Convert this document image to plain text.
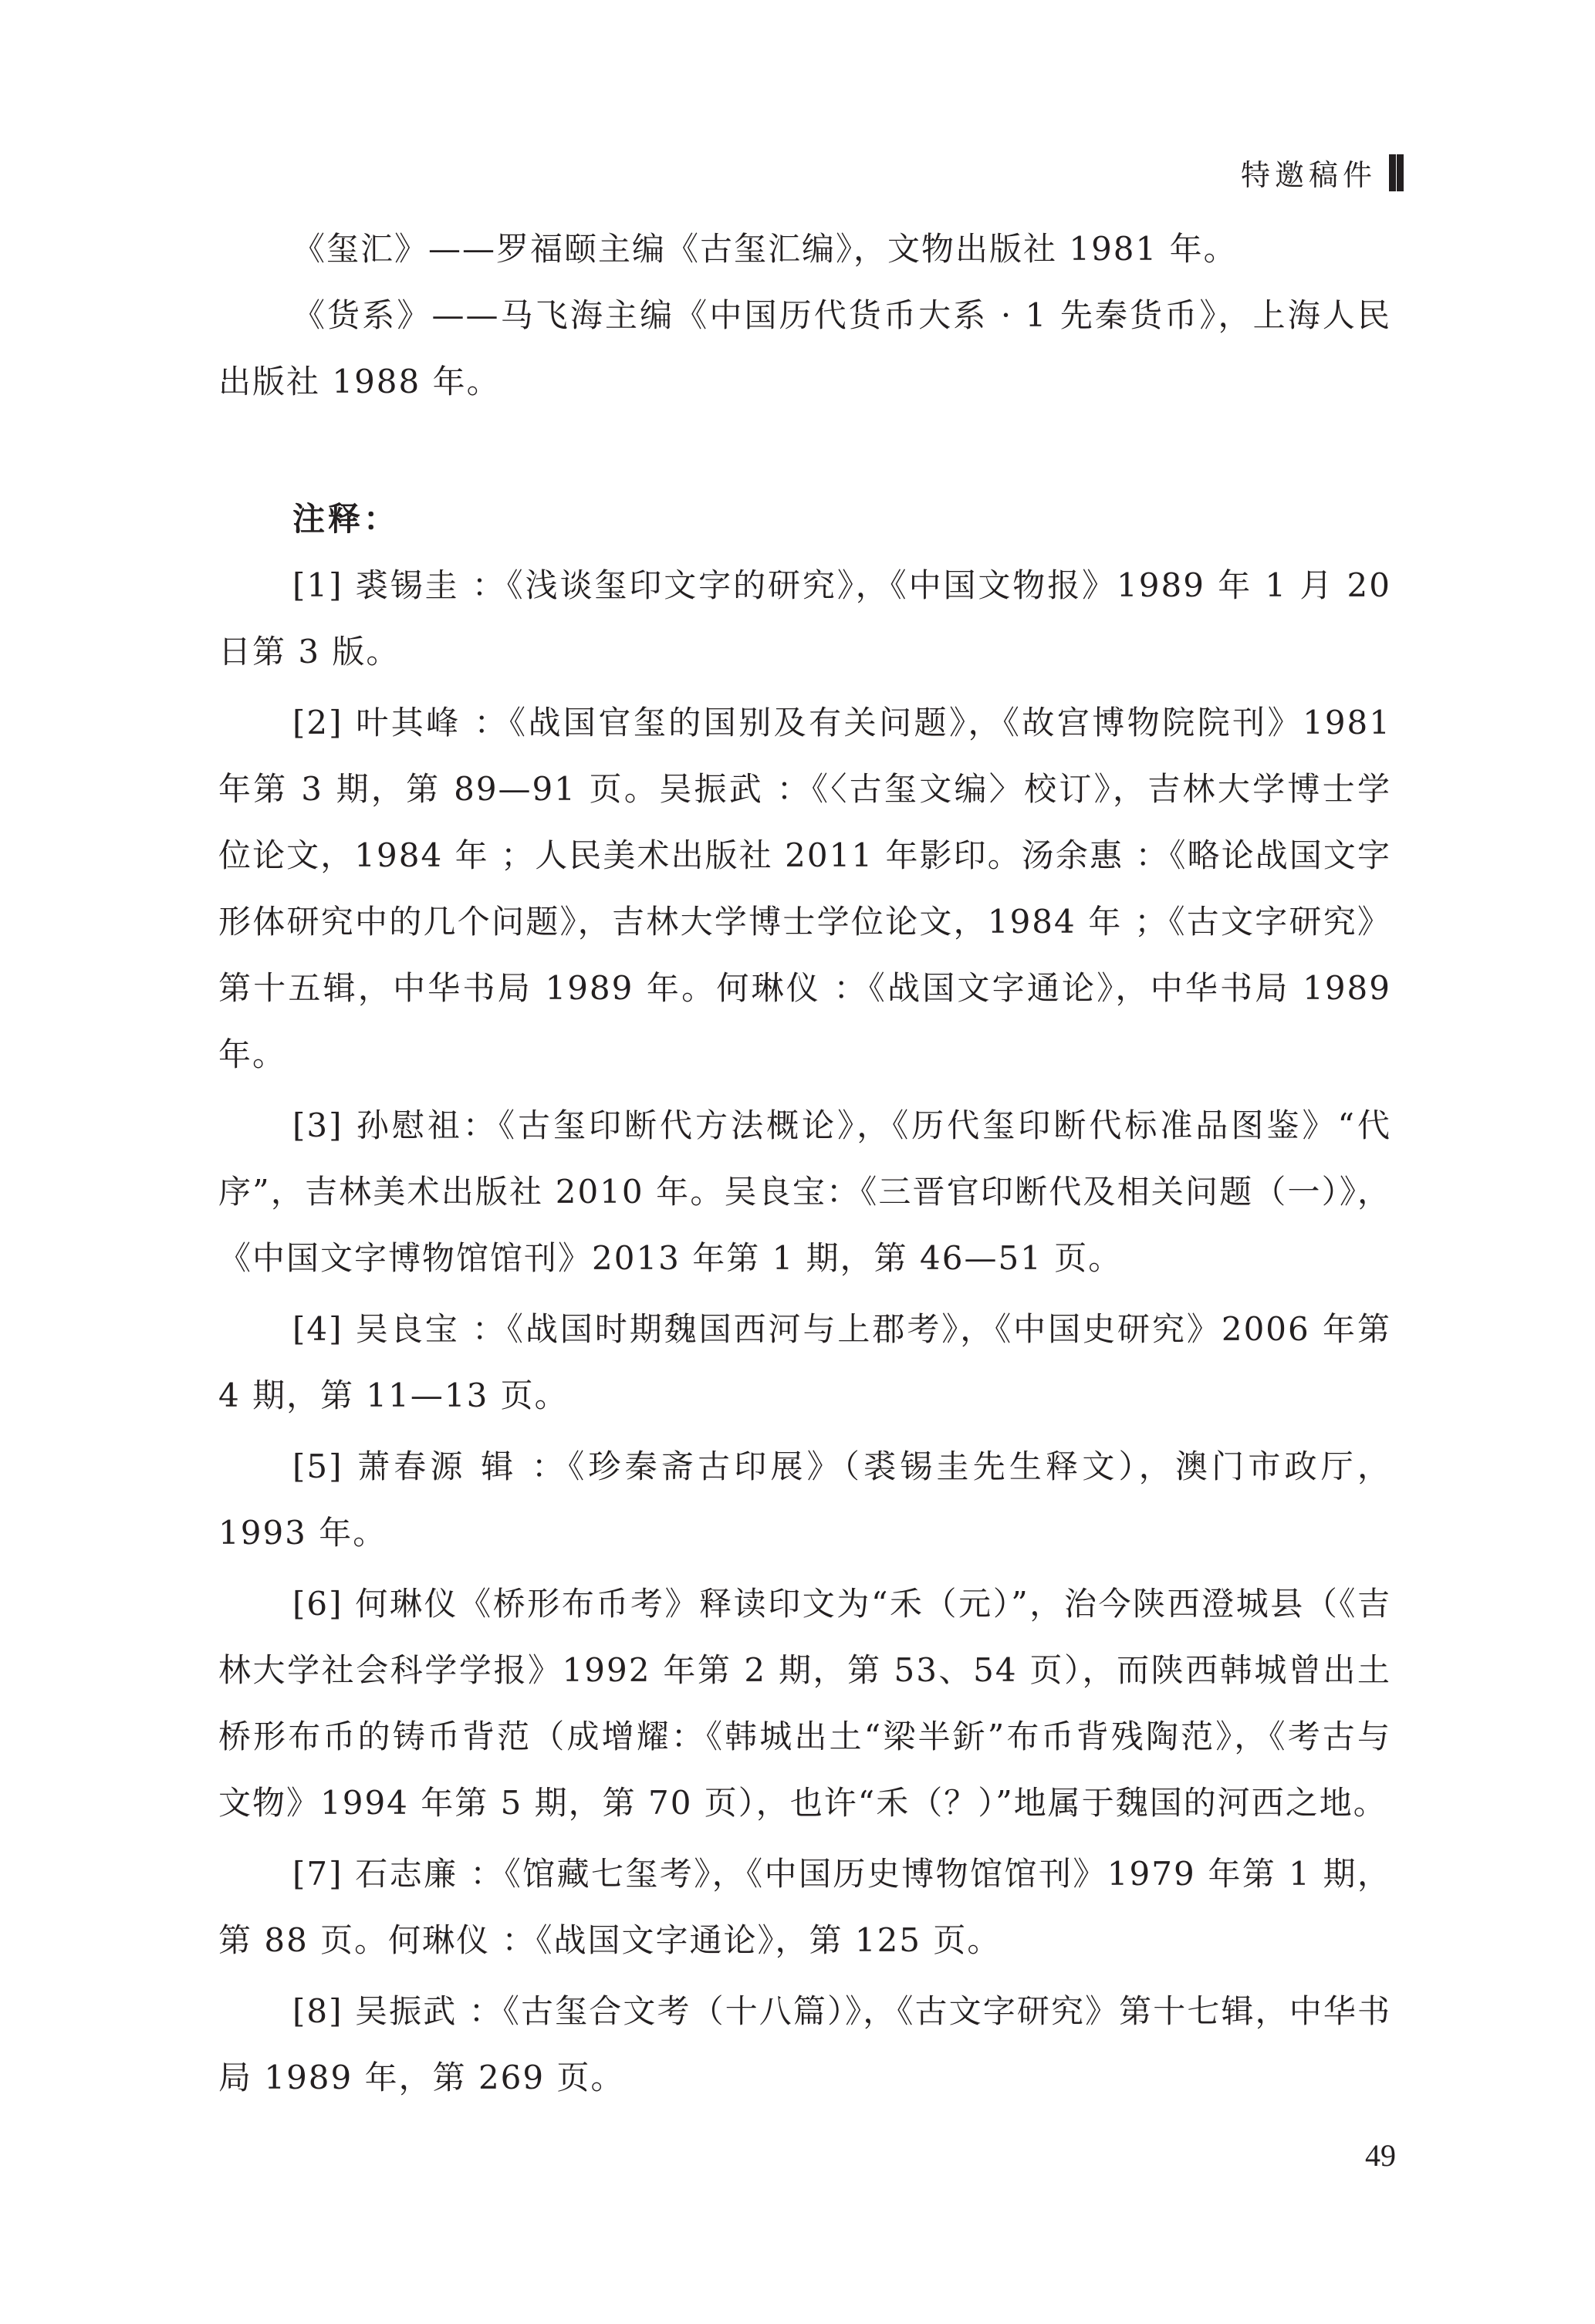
特邀稿件

《玺汇》——罗福颐主编《古玺汇编》，文物出版社 1981 年。

《货系》——马飞海主编《中国历代货币大系 · 1 先秦货币》，上海人民出版社 1988 年。

注释：

[1] 裘锡圭 ：《浅谈玺印文字的研究》，《中国文物报》1989 年 1 月 20 日第 3 版。

[2] 叶其峰 ：《战国官玺的国别及有关问题》，《故宫博物院院刊》1981 年第 3 期，第 89—91 页。吴振武 ：《〈古玺文编〉校订》，吉林大学博士学位论文，1984 年 ；人民美术出版社 2011 年影印。汤余惠 ：《略论战国文字形体研究中的几个问题》，吉林大学博士学位论文，1984 年 ；《古文字研究》第十五辑，中华书局 1989 年。何琳仪 ：《战国文字通论》，中华书局 1989 年。

[3] 孙慰祖：《古玺印断代方法概论》，《历代玺印断代标准品图鉴》“代序”，吉林美术出版社 2010 年。吴良宝：《三晋官印断代及相关问题（一）》，《中国文字博物馆馆刊》2013 年第 1 期，第 46—51 页。

[4] 吴良宝 ：《战国时期魏国西河与上郡考》，《中国史研究》2006 年第 4 期，第 11—13 页。

[5] 萧春源 辑 ：《珍秦斋古印展》（裘锡圭先生释文），澳门市政厅，1993 年。

[6] 何琳仪《桥形布币考》释读印文为“禾（元）”，治今陕西澄城县（《吉林大学社会科学学报》1992 年第 2 期，第 53、54 页），而陕西韩城曾出土桥形布币的铸币背范（成增耀：《韩城出土“梁半釿”布币背残陶范》，《考古与文物》1994 年第 5 期，第 70 页），也许“禾（？）”地属于魏国的河西之地。

[7] 石志廉 ：《馆藏七玺考》，《中国历史博物馆馆刊》1979 年第 1 期，第 88 页。何琳仪 ：《战国文字通论》，第 125 页。

[8] 吴振武 ：《古玺合文考（十八篇）》，《古文字研究》第十七辑，中华书局 1989 年，第 269 页。

49
